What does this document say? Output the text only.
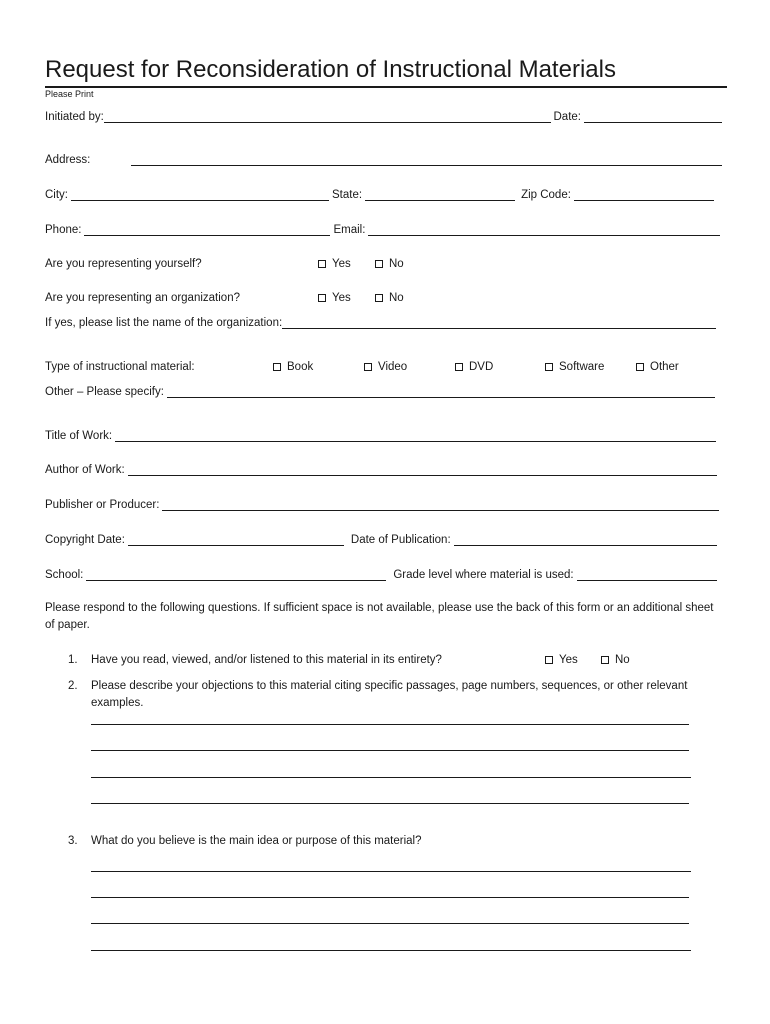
Request for Reconsideration of Instructional Materials
Please Print
Initiated by:	Date:
Address:
City:	State:	Zip Code:
Phone:	Email:
Are you representing yourself?	Yes	No
Are you representing an organization?	Yes	No
If yes, please list the name of the organization:
Type of instructional material:	Book	Video	DVD	Software	Other
Other – Please specify:
Title of Work:
Author of Work:
Publisher or Producer:
Copyright Date:	Date of Publication:
School:	Grade level where material is used:
Please respond to the following questions. If sufficient space is not available, please use the back of this form or an additional sheet of paper.
1. Have you read, viewed, and/or listened to this material in its entirety?	Yes	No
2. Please describe your objections to this material citing specific passages, page numbers, sequences, or other relevant examples.
3. What do you believe is the main idea or purpose of this material?
